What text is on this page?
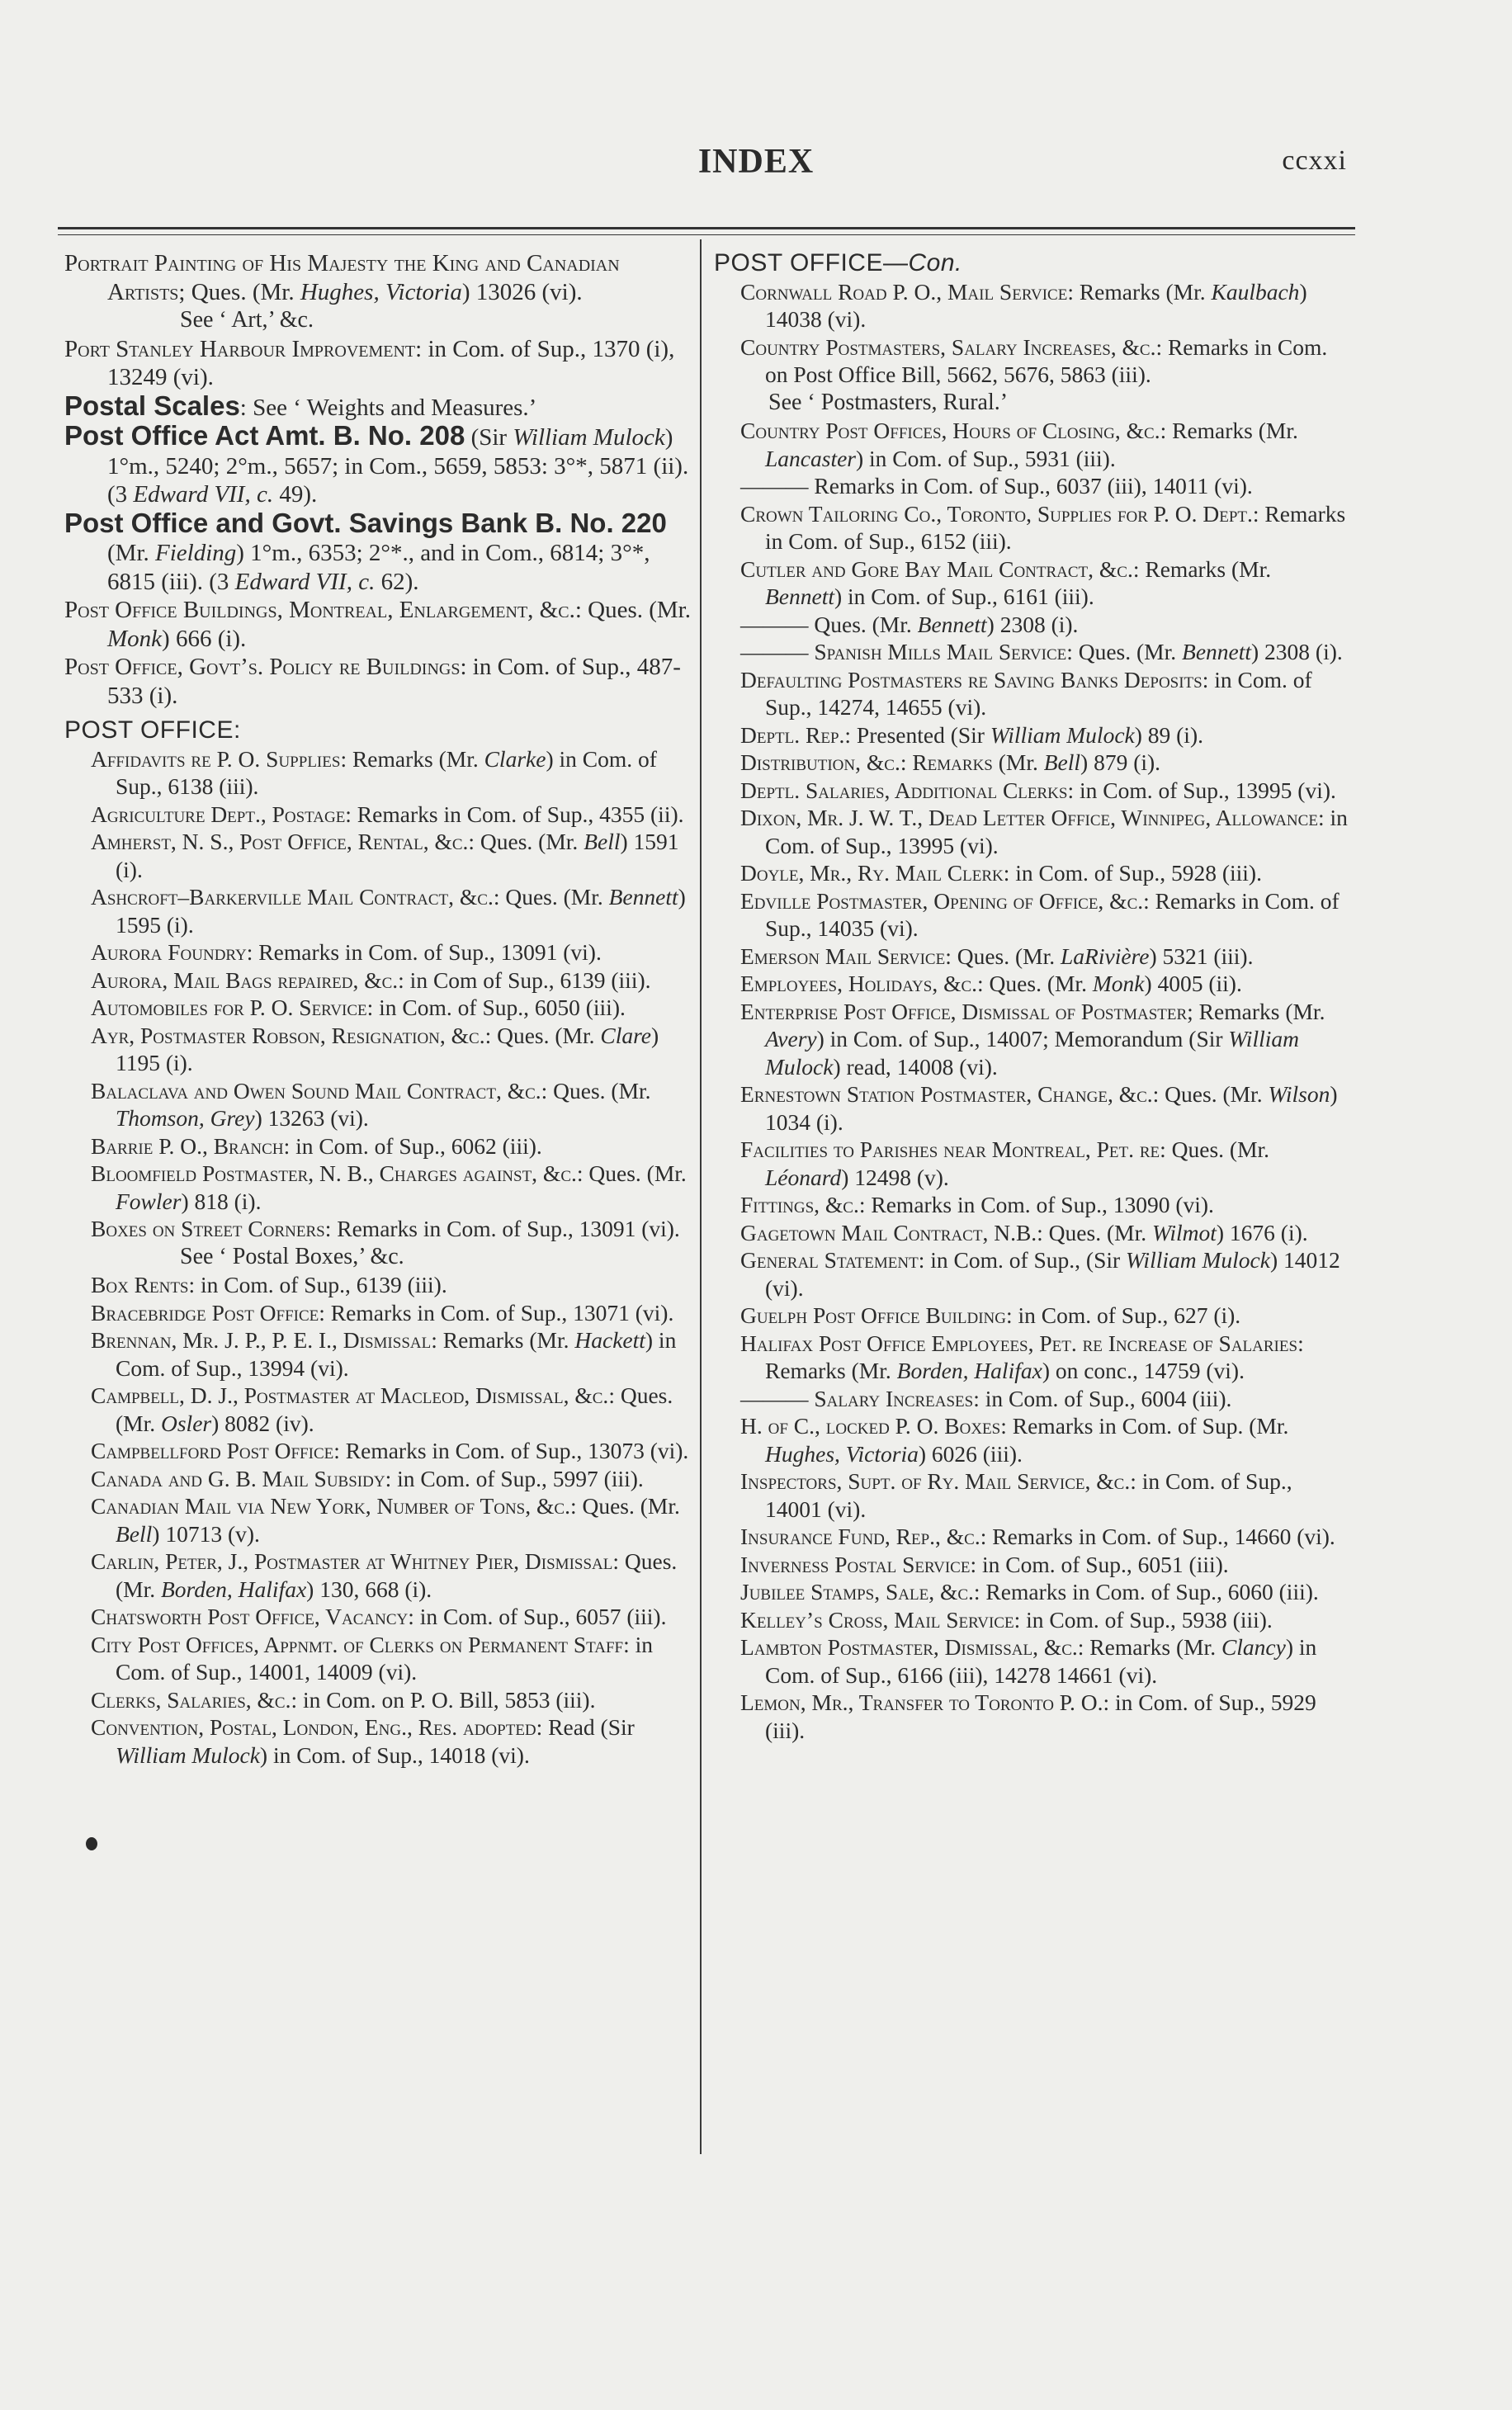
INDEX	ccxxi
Portrait Painting of His Majesty the King and Canadian Artists; Ques. (Mr. Hughes, Victoria) 13026 (vi).
See ‘ Art,’ &c.
Port Stanley Harbour Improvement: in Com. of Sup., 1370 (i), 13249 (vi).
Postal Scales: See ‘ Weights and Measures.’
Post Office Act Amt. B. No. 208 (Sir William Mulock) 1°m., 5240; 2°m., 5657; in Com., 5659, 5853: 3°*, 5871 (ii). (3 Edward VII, c. 49).
Post Office and Govt. Savings Bank B. No. 220 (Mr. Fielding) 1°m., 6353; 2°*., and in Com., 6814; 3°*, 6815 (iii). (3 Edward VII, c. 62).
Post Office Buildings, Montreal, Enlargement, &c.: Ques. (Mr. Monk) 666 (i).
Post Office, Govt’s. Policy re Buildings: in Com. of Sup., 487-533 (i).
POST OFFICE:
Affidavits re P. O. Supplies: Remarks (Mr. Clarke) in Com. of Sup., 6138 (iii).
Agriculture Dept., Postage: Remarks in Com. of Sup., 4355 (ii).
Amherst, N. S., Post Office, Rental, &c.: Ques. (Mr. Bell) 1591 (i).
Ashcroft–Barkerville Mail Contract, &c.: Ques. (Mr. Bennett) 1595 (i).
Aurora Foundry: Remarks in Com. of Sup., 13091 (vi).
Aurora, Mail Bags repaired, &c.: in Com of Sup., 6139 (iii).
Automobiles for P. O. Service: in Com. of Sup., 6050 (iii).
Ayr, Postmaster Robson, Resignation, &c.: Ques. (Mr. Clare) 1195 (i).
Balaclava and Owen Sound Mail Contract, &c.: Ques. (Mr. Thomson, Grey) 13263 (vi).
Barrie P. O., Branch: in Com. of Sup., 6062 (iii).
Bloomfield Postmaster, N. B., Charges against, &c.: Ques. (Mr. Fowler) 818 (i).
Boxes on Street Corners: Remarks in Com. of Sup., 13091 (vi).
See ‘ Postal Boxes,’ &c.
Box Rents: in Com. of Sup., 6139 (iii).
Bracebridge Post Office: Remarks in Com. of Sup., 13071 (vi).
Brennan, Mr. J. P., P. E. I., Dismissal: Remarks (Mr. Hackett) in Com. of Sup., 13994 (vi).
Campbell, D. J., Postmaster at Macleod, Dismissal, &c.: Ques. (Mr. Osler) 8082 (iv).
Campbellford Post Office: Remarks in Com. of Sup., 13073 (vi).
Canada and G. B. Mail Subsidy: in Com. of Sup., 5997 (iii).
Canadian Mail via New York, Number of Tons, &c.: Ques. (Mr. Bell) 10713 (v).
Carlin, Peter, J., Postmaster at Whitney Pier, Dismissal: Ques. (Mr. Borden, Halifax) 130, 668 (i).
Chatsworth Post Office, Vacancy: in Com. of Sup., 6057 (iii).
City Post Offices, Appnmt. of Clerks on Permanent Staff: in Com. of Sup., 14001, 14009 (vi).
Clerks, Salaries, &c.: in Com. on P. O. Bill, 5853 (iii).
Convention, Postal, London, Eng., Res. adopted: Read (Sir William Mulock) in Com. of Sup., 14018 (vi).
POST OFFICE—Con.
Cornwall Road P. O., Mail Service: Remarks (Mr. Kaulbach) 14038 (vi).
Country Postmasters, Salary Increases, &c.: Remarks in Com. on Post Office Bill, 5662, 5676, 5863 (iii).
See ‘ Postmasters, Rural.’
Country Post Offices, Hours of Closing, &c.: Remarks (Mr. Lancaster) in Com. of Sup., 5931 (iii).
——— Remarks in Com. of Sup., 6037 (iii), 14011 (vi).
Crown Tailoring Co., Toronto, Supplies for P. O. Dept.: Remarks in Com. of Sup., 6152 (iii).
Cutler and Gore Bay Mail Contract, &c.: Remarks (Mr. Bennett) in Com. of Sup., 6161 (iii).
——— Ques. (Mr. Bennett) 2308 (i).
——— Spanish Mills Mail Service: Ques. (Mr. Bennett) 2308 (i).
Defaulting Postmasters re Saving Banks Deposits: in Com. of Sup., 14274, 14655 (vi).
Deptl. Rep.: Presented (Sir William Mulock) 89 (i).
Distribution, &c.: Remarks (Mr. Bell) 879 (i).
Deptl. Salaries, Additional Clerks: in Com. of Sup., 13995 (vi).
Dixon, Mr. J. W. T., Dead Letter Office, Winnipeg, Allowance: in Com. of Sup., 13995 (vi).
Doyle, Mr., Ry. Mail Clerk: in Com. of Sup., 5928 (iii).
Edville Postmaster, Opening of Office, &c.: Remarks in Com. of Sup., 14035 (vi).
Emerson Mail Service: Ques. (Mr. LaRivière) 5321 (iii).
Employees, Holidays, &c.: Ques. (Mr. Monk) 4005 (ii).
Enterprise Post Office, Dismissal of Postmaster; Remarks (Mr. Avery) in Com. of Sup., 14007; Memorandum (Sir William Mulock) read, 14008 (vi).
Ernestown Station Postmaster, Change, &c.: Ques. (Mr. Wilson) 1034 (i).
Facilities to Parishes near Montreal, Pet. re: Ques. (Mr. Léonard) 12498 (v).
Fittings, &c.: Remarks in Com. of Sup., 13090 (vi).
Gagetown Mail Contract, N.B.: Ques. (Mr. Wilmot) 1676 (i).
General Statement: in Com. of Sup., (Sir William Mulock) 14012 (vi).
Guelph Post Office Building: in Com. of Sup., 627 (i).
Halifax Post Office Employees, Pet. re Increase of Salaries: Remarks (Mr. Borden, Halifax) on conc., 14759 (vi).
——— Salary Increases: in Com. of Sup., 6004 (iii).
H. of C., locked P. O. Boxes: Remarks in Com. of Sup. (Mr. Hughes, Victoria) 6026 (iii).
Inspectors, Supt. of Ry. Mail Service, &c.: in Com. of Sup., 14001 (vi).
Insurance Fund, Rep., &c.: Remarks in Com. of Sup., 14660 (vi).
Inverness Postal Service: in Com. of Sup., 6051 (iii).
Jubilee Stamps, Sale, &c.: Remarks in Com. of Sup., 6060 (iii).
Kelley’s Cross, Mail Service: in Com. of Sup., 5938 (iii).
Lambton Postmaster, Dismissal, &c.: Remarks (Mr. Clancy) in Com. of Sup., 6166 (iii), 14278 14661 (vi).
Lemon, Mr., Transfer to Toronto P. O.: in Com. of Sup., 5929 (iii).
